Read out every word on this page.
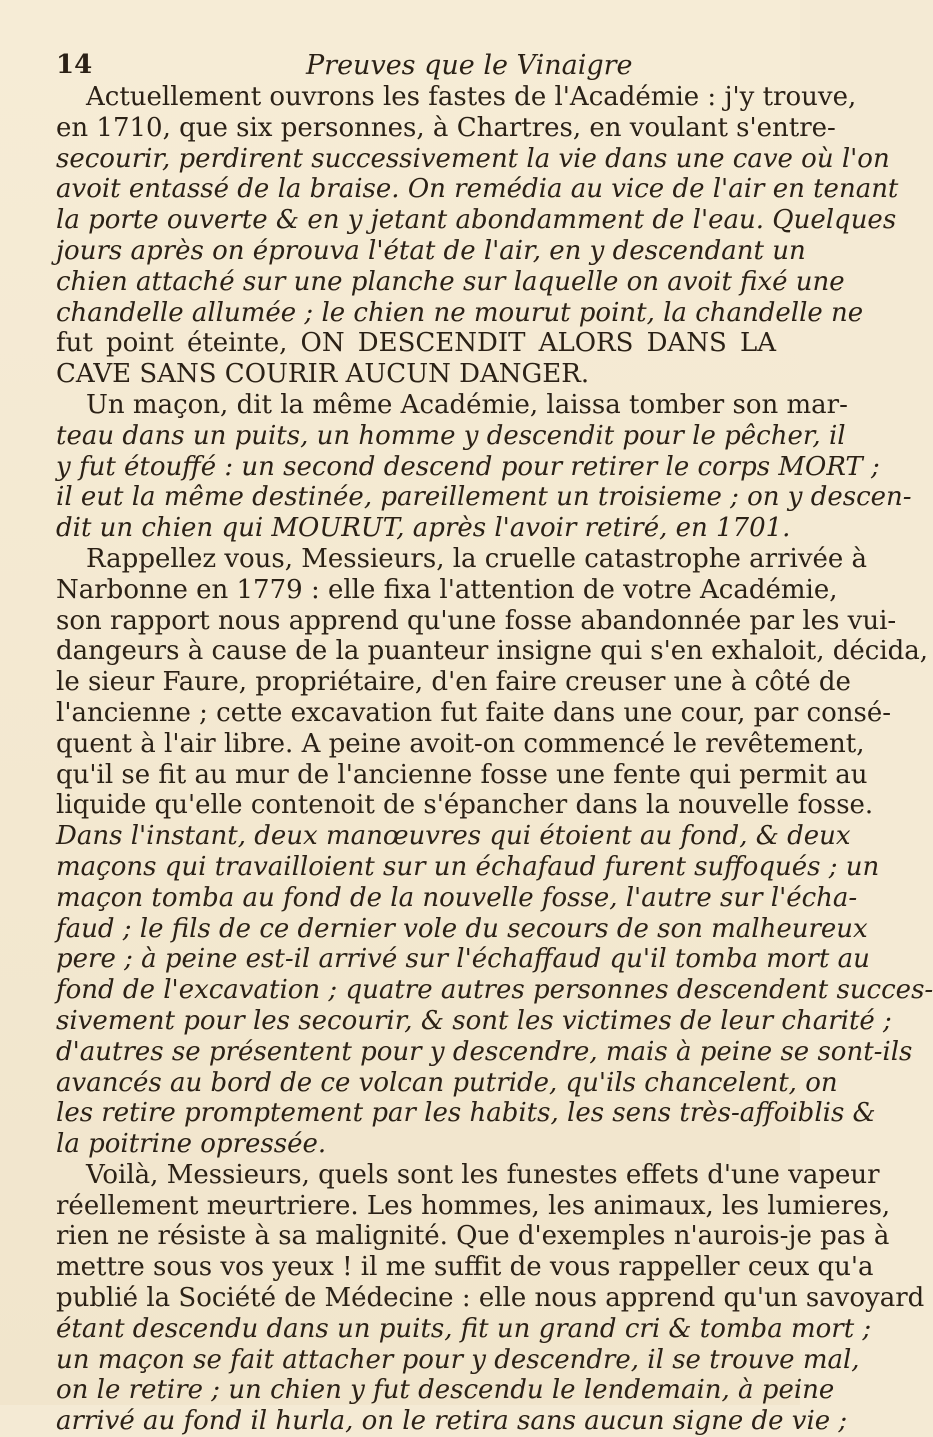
14	Preuves que le Vinaigre
Actuellement ouvrons les fastes de l'Académie : j'y trouve,
en 1710, que six personnes, à Chartres, en voulant s'entre-
secourir, perdirent successivement la vie dans une cave où l'on
avoit entassé de la braise. On remédia au vice de l'air en tenant
la porte ouverte & en y jetant abondamment de l'eau. Quelques
jours après on éprouva l'état de l'air, en y descendant un
chien attaché sur une planche sur laquelle on avoit fixé une
chandelle allumée ; le chien ne mourut point, la chandelle ne
fut point éteinte, ON DESCENDIT ALORS DANS LA
CAVE SANS COURIR AUCUN DANGER.
Un maçon, dit la même Académie, laissa tomber son mar-
teau dans un puits, un homme y descendit pour le pêcher, il
y fut étouffé : un second descend pour retirer le corps MORT ;
il eut la même destinée, pareillement un troisieme ; on y descen-
dit un chien qui MOURUT, après l'avoir retiré, en 1701.
Rappellez vous, Messieurs, la cruelle catastrophe arrivée à
Narbonne en 1779 : elle fixa l'attention de votre Académie,
son rapport nous apprend qu'une fosse abandonnée par les vui-
dangeurs à cause de la puanteur insigne qui s'en exhaloit, décida,
le sieur Faure, propriétaire, d'en faire creuser une à côté de
l'ancienne ; cette excavation fut faite dans une cour, par consé-
quent à l'air libre. A peine avoit-on commencé le revêtement,
qu'il se fit au mur de l'ancienne fosse une fente qui permit au
liquide qu'elle contenoit de s'épancher dans la nouvelle fosse.
Dans l'instant, deux manœuvres qui étoient au fond, & deux
maçons qui travailloient sur un échafaud furent suffoqués ; un
maçon tomba au fond de la nouvelle fosse, l'autre sur l'écha-
faud ; le fils de ce dernier vole du secours de son malheureux
pere ; à peine est-il arrivé sur l'échaffaud qu'il tomba mort au
fond de l'excavation ; quatre autres personnes descendent succes-
sivement pour les secourir, & sont les victimes de leur charité ;
d'autres se présentent pour y descendre, mais à peine se sont-ils
avancés au bord de ce volcan putride, qu'ils chancelent, on
les retire promptement par les habits, les sens très-affoiblis &
la poitrine opressée.
Voilà, Messieurs, quels sont les funestes effets d'une vapeur
réellement meurtriere. Les hommes, les animaux, les lumieres,
rien ne résiste à sa malignité. Que d'exemples n'aurois-je pas à
mettre sous vos yeux ! il me suffit de vous rappeller ceux qu'a
publié la Société de Médecine : elle nous apprend qu'un savoyard
étant descendu dans un puits, fit un grand cri & tomba mort ;
un maçon se fait attacher pour y descendre, il se trouve mal,
on le retire ; un chien y fut descendu le lendemain, à peine
arrivé au fond il hurla, on le retira sans aucun signe de vie ;
